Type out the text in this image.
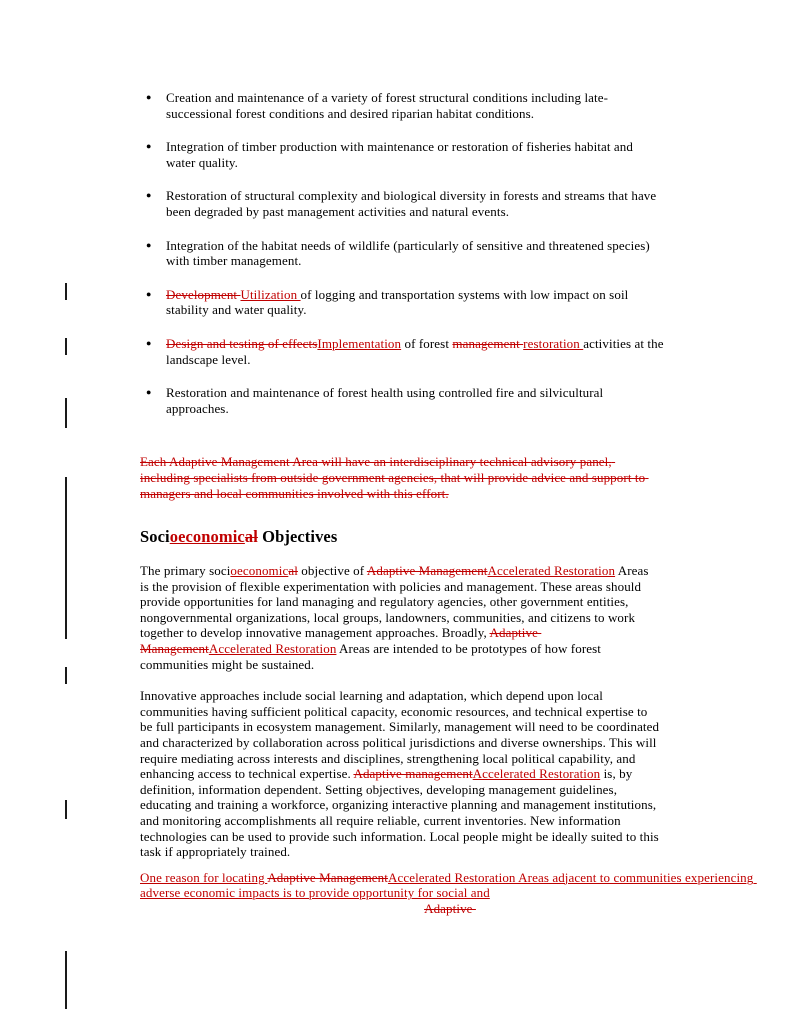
●	Creation and maintenance of a variety of forest structural conditions including late-successional forest conditions and desired riparian habitat conditions.
●	Integration of timber production with maintenance or restoration of fisheries habitat and water quality.
●	Restoration of structural complexity and biological diversity in forests and streams that have been degraded by past management activities and natural events.
●	Integration of the habitat needs of wildlife (particularly of sensitive and threatened species) with timber management.
●	Development Utilization of logging and transportation systems with low impact on soil stability and water quality.
●	Design and testing of effectsImplementation of forest management restoration activities at the landscape level.
●	Restoration and maintenance of forest health using controlled fire and silvicultural approaches.
Each Adaptive Management Area will have an interdisciplinary technical advisory panel, including specialists from outside government agencies, that will provide advice and support to managers and local communities involved with this effort.
Socioeconomical Objectives
The primary socioeconomical objective of Adaptive ManagementAccelerated Restoration Areas is the provision of flexible experimentation with policies and management. These areas should provide opportunities for land managing and regulatory agencies, other government entities, nongovernmental organizations, local groups, landowners, communities, and citizens to work together to develop innovative management approaches. Broadly, Adaptive ManagementAccelerated Restoration Areas are intended to be prototypes of how forest communities might be sustained.
Innovative approaches include social learning and adaptation, which depend upon local communities having sufficient political capacity, economic resources, and technical expertise to be full participants in ecosystem management. Similarly, management will need to be coordinated and characterized by collaboration across political jurisdictions and diverse ownerships. This will require mediating across interests and disciplines, strengthening local political capability, and enhancing access to technical expertise. Adaptive managementAccelerated Restoration is, by definition, information dependent. Setting objectives, developing management guidelines, educating and training a workforce, organizing interactive planning and management institutions, and monitoring accomplishments all require reliable, current inventories. New information technologies can be used to provide such information. Local people might be ideally suited to this task if appropriately trained.
One reason for locating Adaptive ManagementAccelerated Restoration Areas adjacent to communities experiencing adverse economic impacts is to provide opportunity for social and
Adaptive
